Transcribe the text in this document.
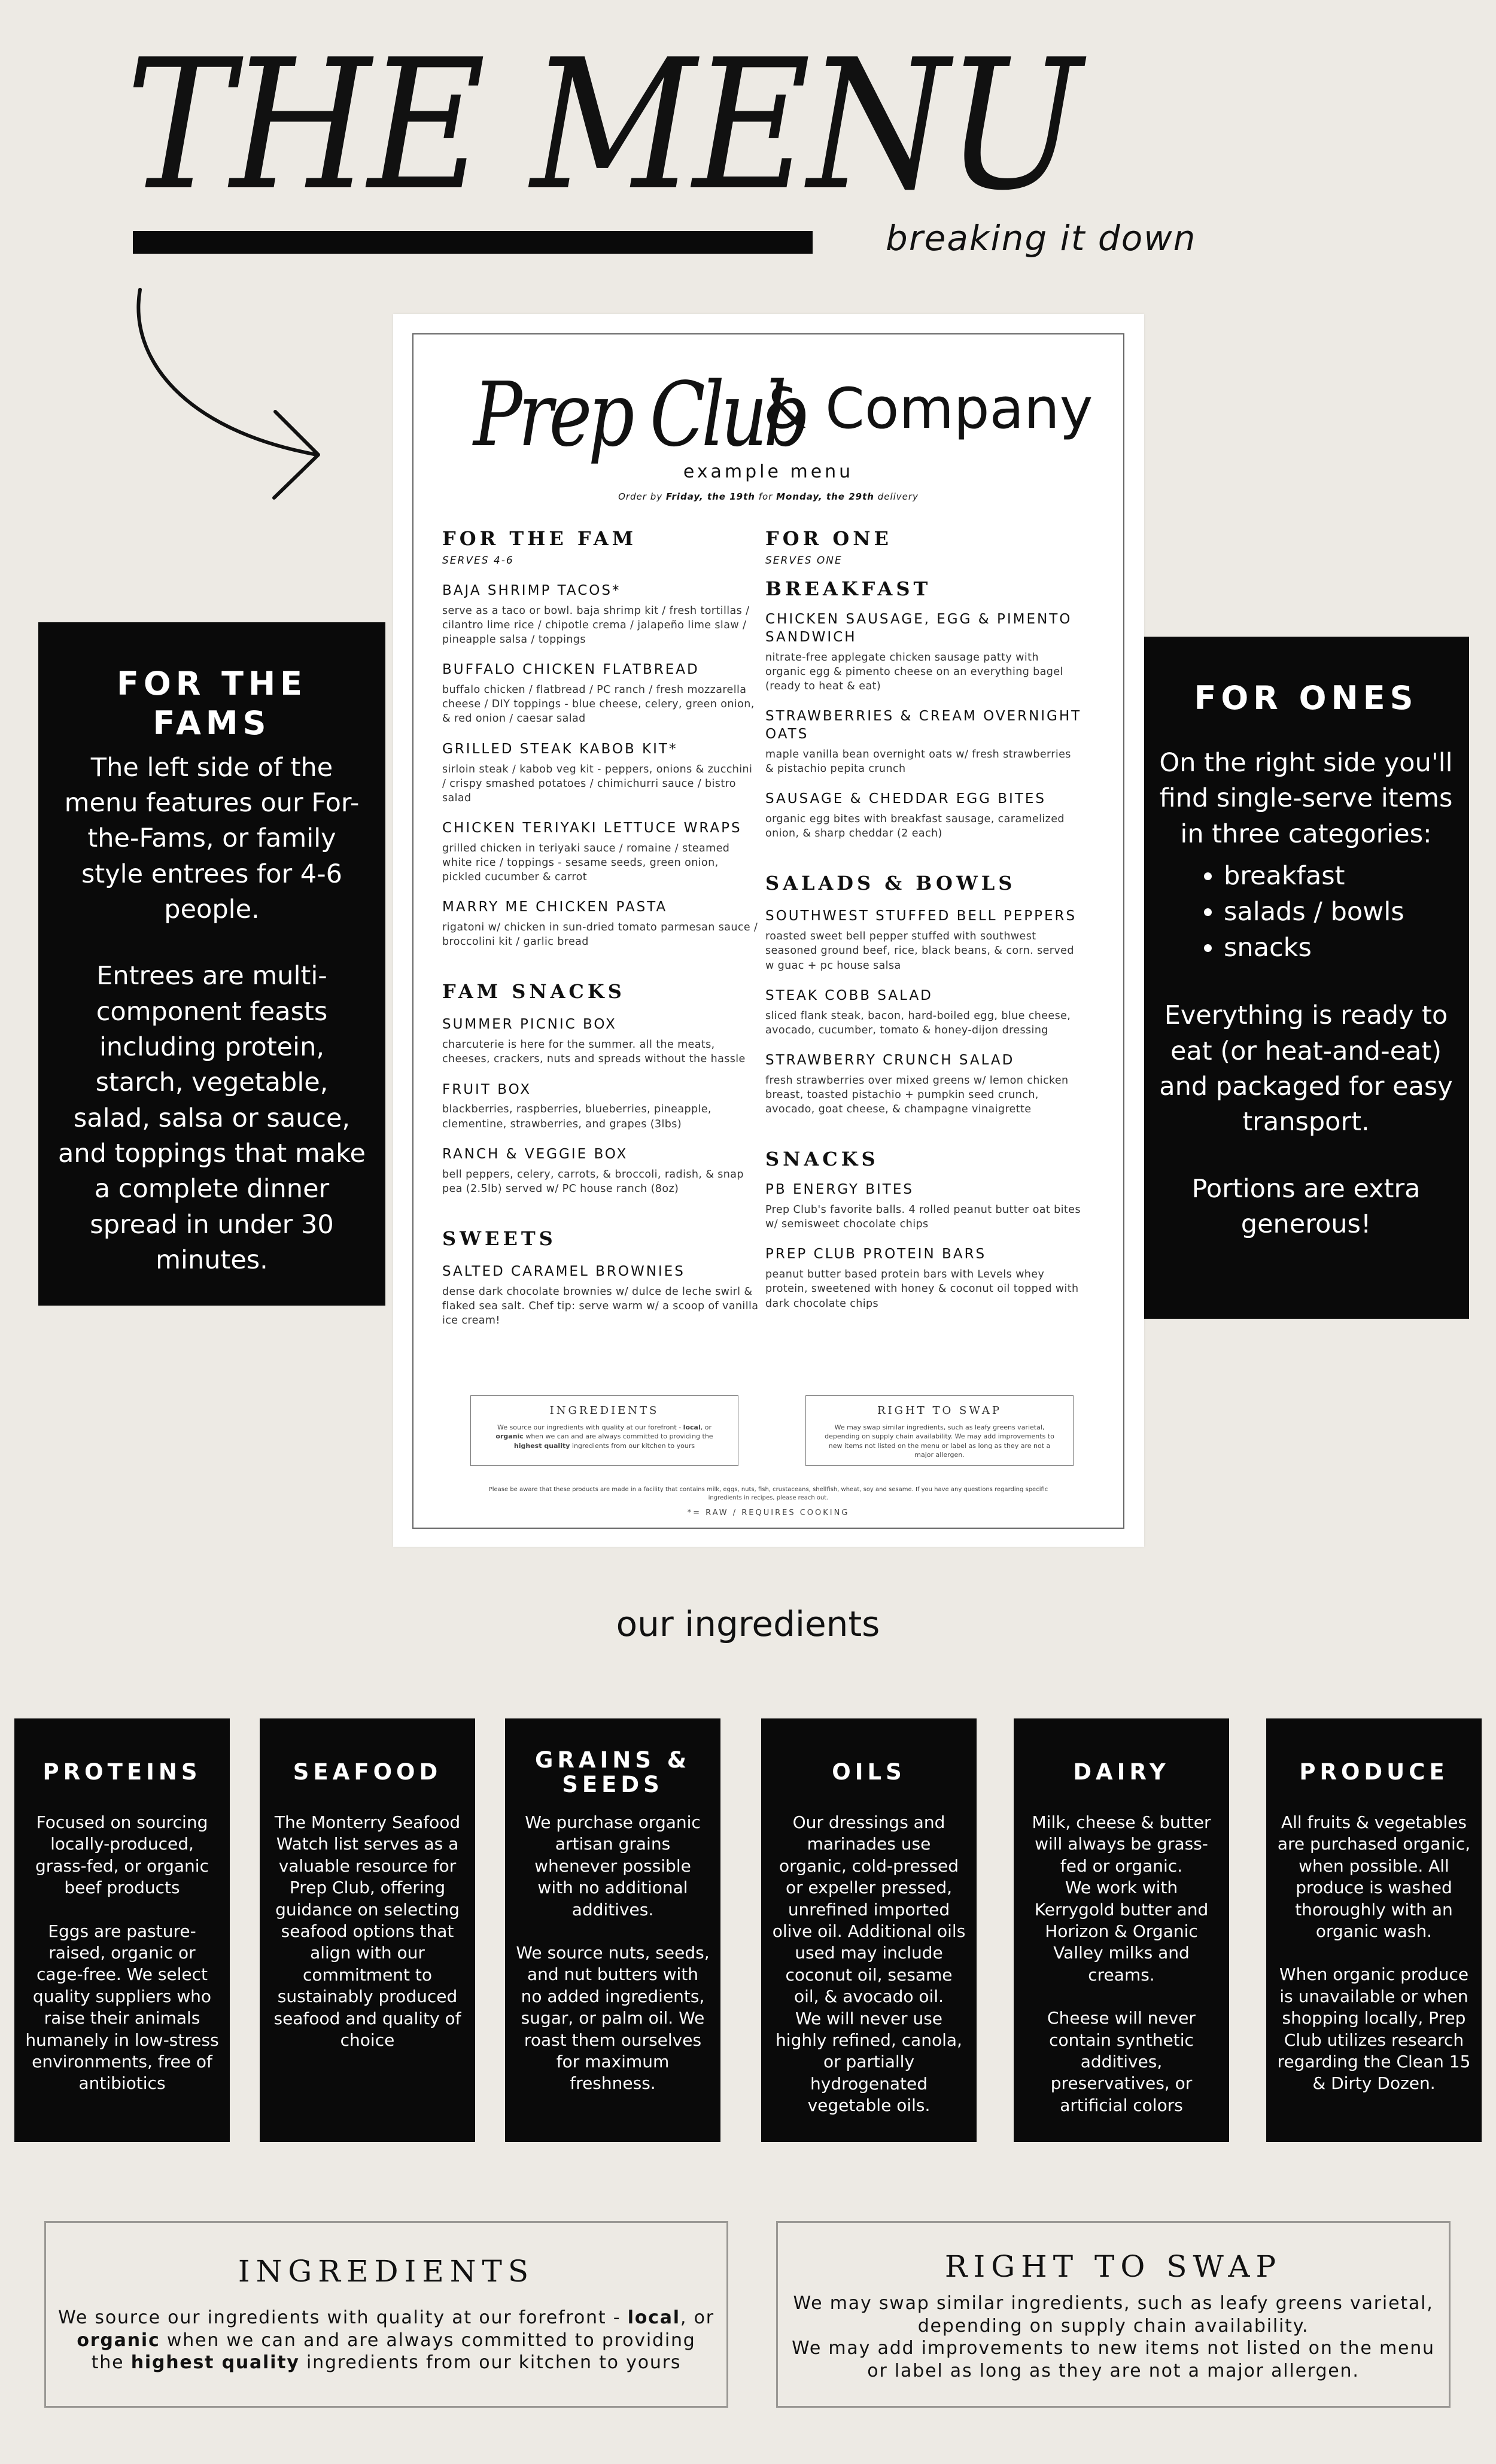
THE MENU
breaking it down
FOR THE FAMS

The left side of the menu features our For-the-Fams, or family style entrees for 4-6 people.

Entrees are multi-component feasts including protein, starch, vegetable, salad, salsa or sauce, and toppings that make a complete dinner spread in under 30 minutes.

FOR ONES

On the right side you'll find single-serve items in three categories:

• breakfast
• salads / bowls
• snacks

Everything is ready to eat (or heat-and-eat) and packaged for easy transport.

Portions are extra generous!

Prep Club
& Company
example menu
Order by Friday, the 19th for Monday, the 29th delivery
FOR THE FAM
SERVES 4-6
BAJA SHRIMP TACOS*
serve as a taco or bowl. baja shrimp kit / fresh tortillas / cilantro lime rice / chipotle crema / jalapeño lime slaw / pineapple salsa / toppings
BUFFALO CHICKEN FLATBREAD
buffalo chicken / flatbread / PC ranch / fresh mozzarella cheese / DIY toppings - blue cheese, celery, green onion, & red onion / caesar salad
GRILLED STEAK KABOB KIT*
sirloin steak / kabob veg kit - peppers, onions & zucchini / crispy smashed potatoes / chimichurri sauce / bistro salad
CHICKEN TERIYAKI LETTUCE WRAPS
grilled chicken in teriyaki sauce / romaine / steamed white rice / toppings - sesame seeds, green onion, pickled cucumber & carrot
MARRY ME CHICKEN PASTA
rigatoni w/ chicken in sun-dried tomato parmesan sauce / broccolini kit / garlic bread
FAM SNACKS
SUMMER PICNIC BOX
charcuterie is here for the summer. all the meats, cheeses, crackers, nuts and spreads without the hassle
FRUIT BOX
blackberries, raspberries, blueberries, pineapple, clementine, strawberries, and grapes (3lbs)
RANCH & VEGGIE BOX
bell peppers, celery, carrots, & broccoli, radish, & snap pea (2.5lb) served w/ PC house ranch (8oz)
SWEETS
SALTED CARAMEL BROWNIES
dense dark chocolate brownies w/ dulce de leche swirl & flaked sea salt. Chef tip: serve warm w/ a scoop of vanilla ice cream!
FOR ONE
SERVES ONE
BREAKFAST
CHICKEN SAUSAGE, EGG & PIMENTO SANDWICH
nitrate-free applegate chicken sausage patty with organic egg & pimento cheese on an everything bagel (ready to heat & eat)
STRAWBERRIES & CREAM OVERNIGHT OATS
maple vanilla bean overnight oats w/ fresh strawberries & pistachio pepita crunch
SAUSAGE & CHEDDAR EGG BITES
organic egg bites with breakfast sausage, caramelized onion, & sharp cheddar (2 each)
SALADS & BOWLS
SOUTHWEST STUFFED BELL PEPPERS
roasted sweet bell pepper stuffed with southwest seasoned ground beef, rice, black beans, & corn. served w guac + pc house salsa
STEAK COBB SALAD
sliced flank steak, bacon, hard-boiled egg, blue cheese, avocado, cucumber, tomato & honey-dijon dressing
STRAWBERRY CRUNCH SALAD
fresh strawberries over mixed greens w/ lemon chicken breast, toasted pistachio + pumpkin seed crunch, avocado, goat cheese, & champagne vinaigrette
SNACKS
PB ENERGY BITES
Prep Club's favorite balls. 4 rolled peanut butter oat bites w/ semisweet chocolate chips
PREP CLUB PROTEIN BARS
peanut butter based protein bars with Levels whey protein, sweetened with honey & coconut oil topped with dark chocolate chips
INGREDIENTS
We source our ingredients with quality at our forefront - local, or organic when we can and are always committed to providing the highest quality ingredients from our kitchen to yours
RIGHT TO SWAP
We may swap similar ingredients, such as leafy greens varietal, depending on supply chain availability. We may add improvements to new items not listed on the menu or label as long as they are not a major allergen.
Please be aware that these products are made in a facility that contains milk, eggs, nuts, fish, crustaceans, shellfish, wheat, soy and sesame. If you have any questions regarding specific ingredients in recipes, please reach out.
*= RAW / REQUIRES COOKING
our ingredients
PROTEINS

Focused on sourcing locally-produced, grass-fed, or organic beef products

Eggs are pasture-raised, organic or cage-free. We select quality suppliers who raise their animals humanely in low-stress environments, free of antibiotics

SEAFOOD

The Monterry Seafood Watch list serves as a valuable resource for Prep Club, offering guidance on selecting seafood options that align with our commitment to sustainably produced seafood and quality of choice

GRAINS & SEEDS

We purchase organic artisan grains whenever possible with no additional additives.

We source nuts, seeds, and nut butters with no added ingredients, sugar, or palm oil. We roast them ourselves for maximum freshness.

OILS

Our dressings and marinades use organic, cold-pressed or expeller pressed, unrefined imported olive oil. Additional oils used may include coconut oil, sesame oil, & avocado oil.

We will never use highly refined, canola, or partially hydrogenated vegetable oils.

DAIRY

Milk, cheese & butter will always be grass-fed or organic.

We work with Kerrygold butter and Horizon & Organic Valley milks and creams.

Cheese will never contain synthetic additives, preservatives, or artificial colors

PRODUCE

All fruits & vegetables are purchased organic, when possible. All produce is washed thoroughly with an organic wash.

When organic produce is unavailable or when shopping locally, Prep Club utilizes research regarding the Clean 15 & Dirty Dozen.

INGREDIENTS
We source our ingredients with quality at our forefront - local, or organic when we can and are always committed to providing the highest quality ingredients from our kitchen to yours
RIGHT TO SWAP
We may swap similar ingredients, such as leafy greens varietal, depending on supply chain availability.
We may add improvements to new items not listed on the menu or label as long as they are not a major allergen.
